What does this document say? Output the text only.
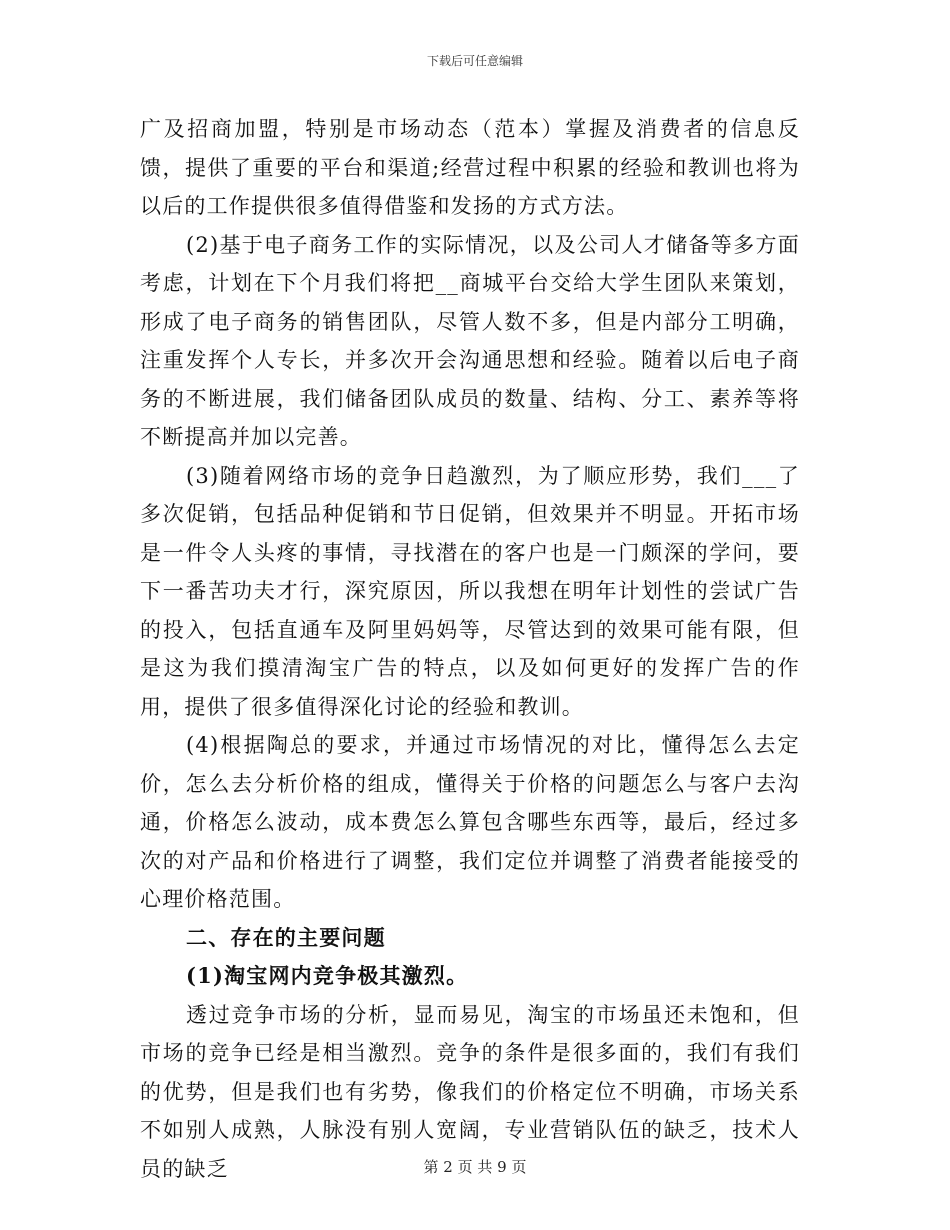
下载后可任意编辑

广及招商加盟，特别是市场动态（范本）掌握及消费者的信息反馈，提供了重要的平台和渠道;经营过程中积累的经验和教训也将为以后的工作提供很多值得借鉴和发扬的方式方法。

(2)基于电子商务工作的实际情况，以及公司人才储备等多方面考虑，计划在下个月我们将把__商城平台交给大学生团队来策划，形成了电子商务的销售团队，尽管人数不多，但是内部分工明确，注重发挥个人专长，并多次开会沟通思想和经验。随着以后电子商务的不断进展，我们储备团队成员的数量、结构、分工、素养等将不断提高并加以完善。

(3)随着网络市场的竞争日趋激烈，为了顺应形势，我们___了多次促销，包括品种促销和节日促销，但效果并不明显。开拓市场是一件令人头疼的事情，寻找潜在的客户也是一门颇深的学问，要下一番苦功夫才行，深究原因，所以我想在明年计划性的尝试广告的投入，包括直通车及阿里妈妈等，尽管达到的效果可能有限，但是这为我们摸清淘宝广告的特点，以及如何更好的发挥广告的作用，提供了很多值得深化讨论的经验和教训。

(4)根据陶总的要求，并通过市场情况的对比，懂得怎么去定价，怎么去分析价格的组成，懂得关于价格的问题怎么与客户去沟通，价格怎么波动，成本费怎么算包含哪些东西等，最后，经过多次的对产品和价格进行了调整，我们定位并调整了消费者能接受的心理价格范围。

二、存在的主要问题

(1)淘宝网内竞争极其激烈。

透过竞争市场的分析，显而易见，淘宝的市场虽还未饱和，但市场的竞争已经是相当激烈。竞争的条件是很多面的，我们有我们的优势，但是我们也有劣势，像我们的价格定位不明确，市场关系不如别人成熟，人脉没有别人宽阔，专业营销队伍的缺乏，技术人员的缺乏	第 2 页 共 9 页
